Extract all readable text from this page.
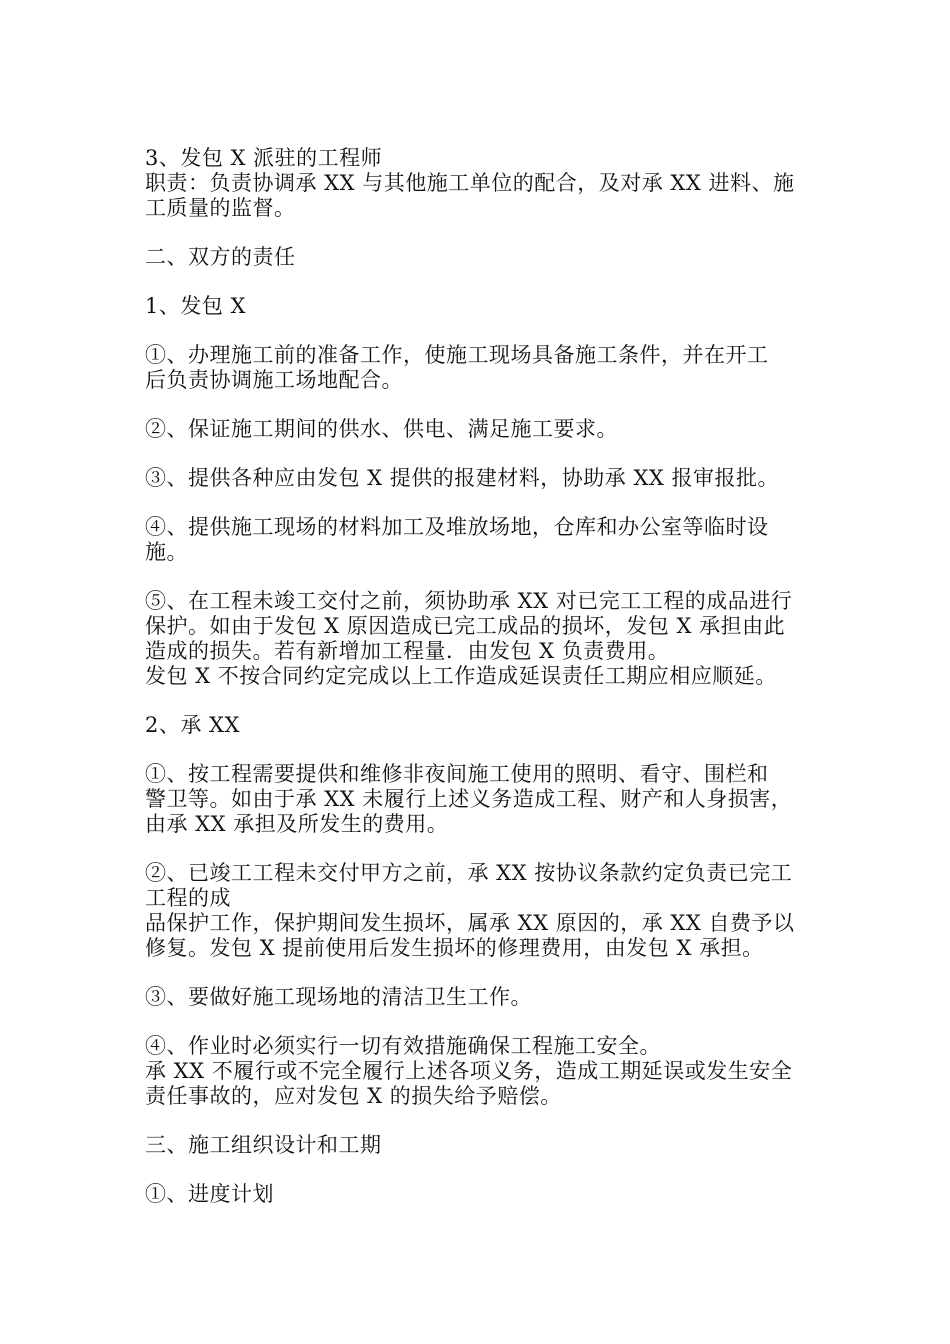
3、发包 X 派驻的工程师
职责：负责协调承 XX 与其他施工单位的配合，及对承 XX 进料、施
工质量的监督。
二、双方的责任
1、发包 X
①、办理施工前的准备工作，使施工现场具备施工条件，并在开工
后负责协调施工场地配合。
②、保证施工期间的供水、供电、满足施工要求。
③、提供各种应由发包 X 提供的报建材料，协助承 XX 报审报批。
④、提供施工现场的材料加工及堆放场地，仓库和办公室等临时设
施。
⑤、在工程未竣工交付之前，须协助承 XX 对已完工工程的成品进行
保护。如由于发包 X 原因造成已完工成品的损坏，发包 X 承担由此
造成的损失。若有新增加工程量．由发包 X 负责费用。
发包 X 不按合同约定完成以上工作造成延误责任工期应相应顺延。
2、承 XX
①、按工程需要提供和维修非夜间施工使用的照明、看守、围栏和
警卫等。如由于承 XX 未履行上述义务造成工程、财产和人身损害，
由承 XX 承担及所发生的费用。
②、已竣工工程未交付甲方之前，承 XX 按协议条款约定负责已完工
工程的成
品保护工作，保护期间发生损坏，属承 XX 原因的，承 XX 自费予以
修复。发包 X 提前使用后发生损坏的修理费用，由发包 X 承担。
③、要做好施工现场地的清洁卫生工作。
④、作业时必须实行一切有效措施确保工程施工安全。
承 XX 不履行或不完全履行上述各项义务，造成工期延误或发生安全
责任事故的，应对发包 X 的损失给予赔偿。
三、施工组织设计和工期
①、进度计划
